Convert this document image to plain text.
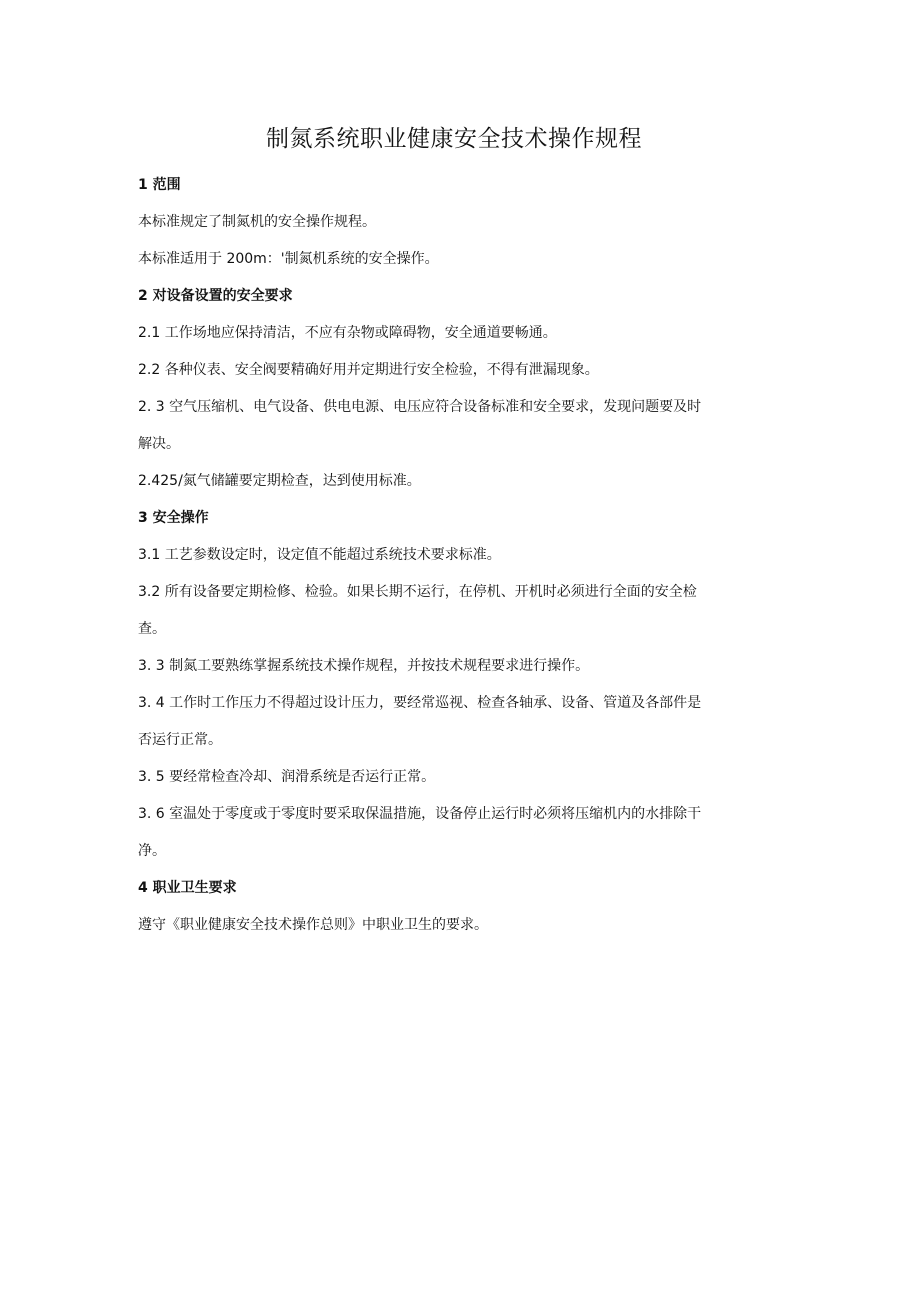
制氮系统职业健康安全技术操作规程
1 范围
本标准规定了制氮机的安全操作规程。
本标准适用于 200m：'制氮机系统的安全操作。
2 对设备设置的安全要求
2.1 工作场地应保持清洁，不应有杂物或障碍物，安全通道要畅通。
2.2 各种仪表、安全阀要精确好用并定期进行安全检验，不得有泄漏现象。
2. 3 空气压缩机、电气设备、供电电源、电压应符合设备标准和安全要求，发现问题要及时
解决。
2.425/氮气储罐要定期检查，达到使用标准。
3 安全操作
3.1 工艺参数设定时，设定值不能超过系统技术要求标准。
3.2 所有设备要定期检修、检验。如果长期不运行，在停机、开机时必须进行全面的安全检
查。
3. 3 制氮工要熟练掌握系统技术操作规程，并按技术规程要求进行操作。
3. 4 工作时工作压力不得超过设计压力，要经常巡视、检查各轴承、设备、管道及各部件是
否运行正常。
3. 5 要经常检查冷却、润滑系统是否运行正常。
3. 6 室温处于零度或于零度时要采取保温措施，设备停止运行时必须将压缩机内的水排除干
净。
4 职业卫生要求
遵守《职业健康安全技术操作总则》中职业卫生的要求。
